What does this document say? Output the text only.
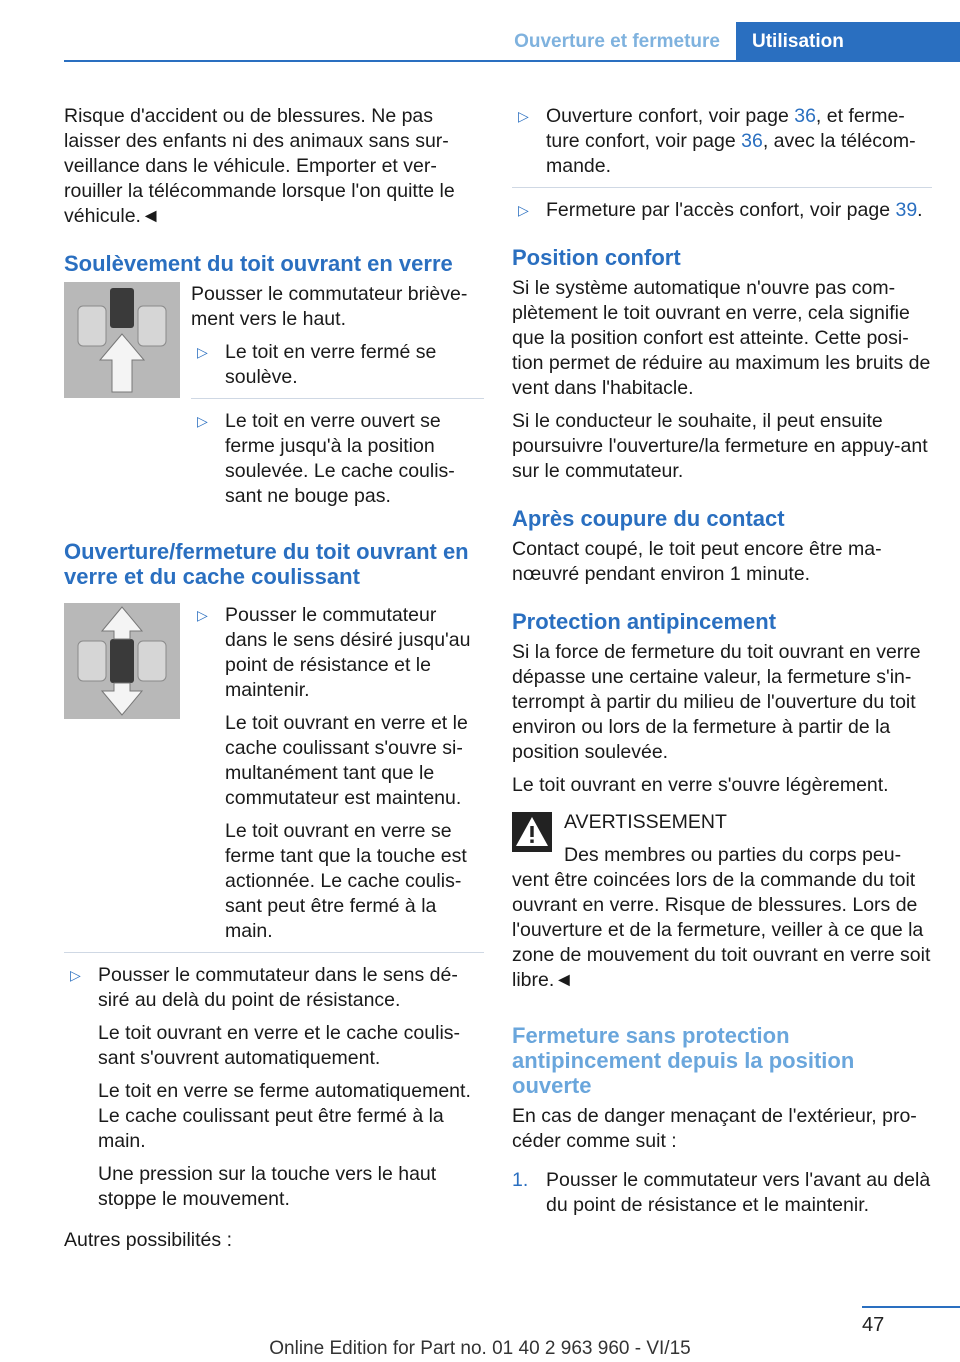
Ouverture et fermeture	Utilisation

Risque d'accident ou de blessures. Ne pas laisser des enfants ni des animaux sans sur‐veillance dans le véhicule. Emporter et ver‐rouiller la télécommande lorsque l'on quitte le véhicule.◄

Soulèvement du toit ouvrant en verre

Pousser le commutateur briève‐ment vers le haut.

▷ Le toit en verre fermé se soulève.
▷ Le toit en verre ouvert se ferme jusqu'à la position soulevée. Le cache coulis‐sant ne bouge pas.
Ouverture/fermeture du toit ouvrant en verre et du cache coulissant
▷ Pousser le commutateur dans le sens désiré jusqu'au point de résistance et le maintenir.

Le toit ouvrant en verre et le cache coulissant s'ouvre si‐multanément tant que le commutateur est maintenu.

Le toit ouvrant en verre se ferme tant que la touche est actionnée. Le cache coulis‐sant peut être fermé à la main.

▷ Pousser le commutateur dans le sens dé‐siré au delà du point de résistance.

Le toit ouvrant en verre et le cache coulis‐sant s'ouvrent automatiquement.

Le toit en verre se ferme automatiquement. Le cache coulissant peut être fermé à la main.

Une pression sur la touche vers le haut stoppe le mouvement.

Autres possibilités :

▷ Ouverture confort, voir page 36, et ferme‐ture confort, voir page 36, avec la télécom‐mande.
▷ Fermeture par l'accès confort, voir page 39.
Position confort

Si le système automatique n'ouvre pas com‐plètement le toit ouvrant en verre, cela signifie que la position confort est atteinte. Cette posi‐tion permet de réduire au maximum les bruits de vent dans l'habitacle.

Si le conducteur le souhaite, il peut ensuite poursuivre l'ouverture/la fermeture en appuy‐ant sur le commutateur.

Après coupure du contact

Contact coupé, le toit peut encore être ma‐nœuvré pendant environ 1 minute.

Protection antipincement

Si la force de fermeture du toit ouvrant en verre dépasse une certaine valeur, la fermeture s'in‐terrompt à partir du milieu de l'ouverture du toit environ ou lors de la fermeture à partir de la position soulevée.

Le toit ouvrant en verre s'ouvre légèrement.

AVERTISSEMENT

Des membres ou parties du corps peu‐vent être coincées lors de la commande du toit ouvrant en verre. Risque de blessures. Lors de l'ouverture et de la fermeture, veiller à ce que la zone de mouvement du toit ouvrant en verre soit libre.◄

Fermeture sans protection antipincement depuis la position ouverte

En cas de danger menaçant de l'extérieur, pro‐céder comme suit :

1. Pousser le commutateur vers l'avant au delà du point de résistance et le maintenir.
47
Online Edition for Part no. 01 40 2 963 960 - VI/15
